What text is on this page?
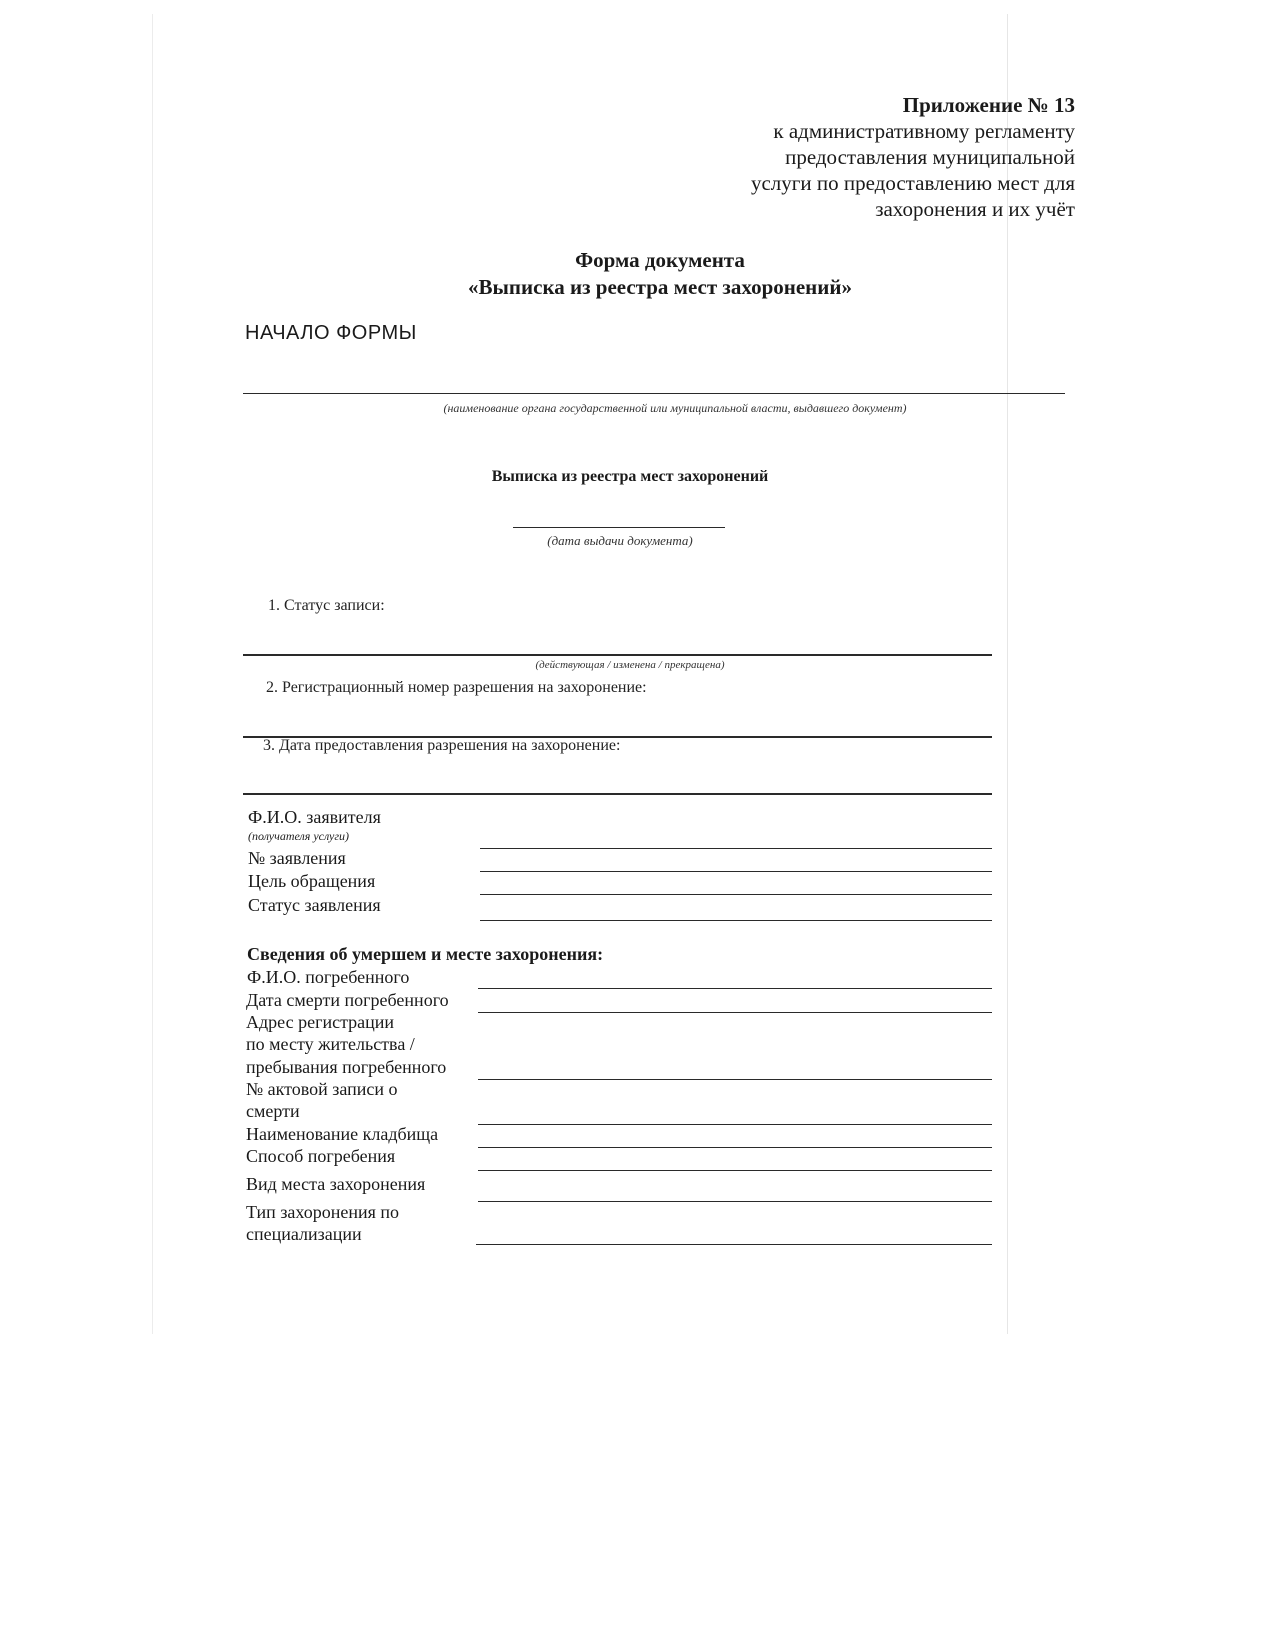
Приложение № 13
к административному регламенту
предоставления муниципальной
услуги по предоставлению мест для
захоронения и их учёт
Форма документа
«Выписка из реестра мест захоронений»
НАЧАЛО ФОРМЫ
(наименование органа государственной или муниципальной власти, выдавшего документ)
Выписка из реестра мест захоронений
(дата выдачи документа)
1. Статус записи:
(действующая / изменена / прекращена)
2. Регистрационный номер разрешения на захоронение:
3. Дата предоставления разрешения на захоронение:
Ф.И.О. заявителя
(получателя услуги)
№ заявления
Цель обращения
Статус заявления
Сведения об умершем и месте захоронения:
Ф.И.О. погребенного
Дата смерти погребенного
Адрес регистрации
по месту жительства /
пребывания погребенного
№ актовой записи о
смерти
Наименование кладбища
Способ погребения
Вид места захоронения
Тип захоронения по
специализации
